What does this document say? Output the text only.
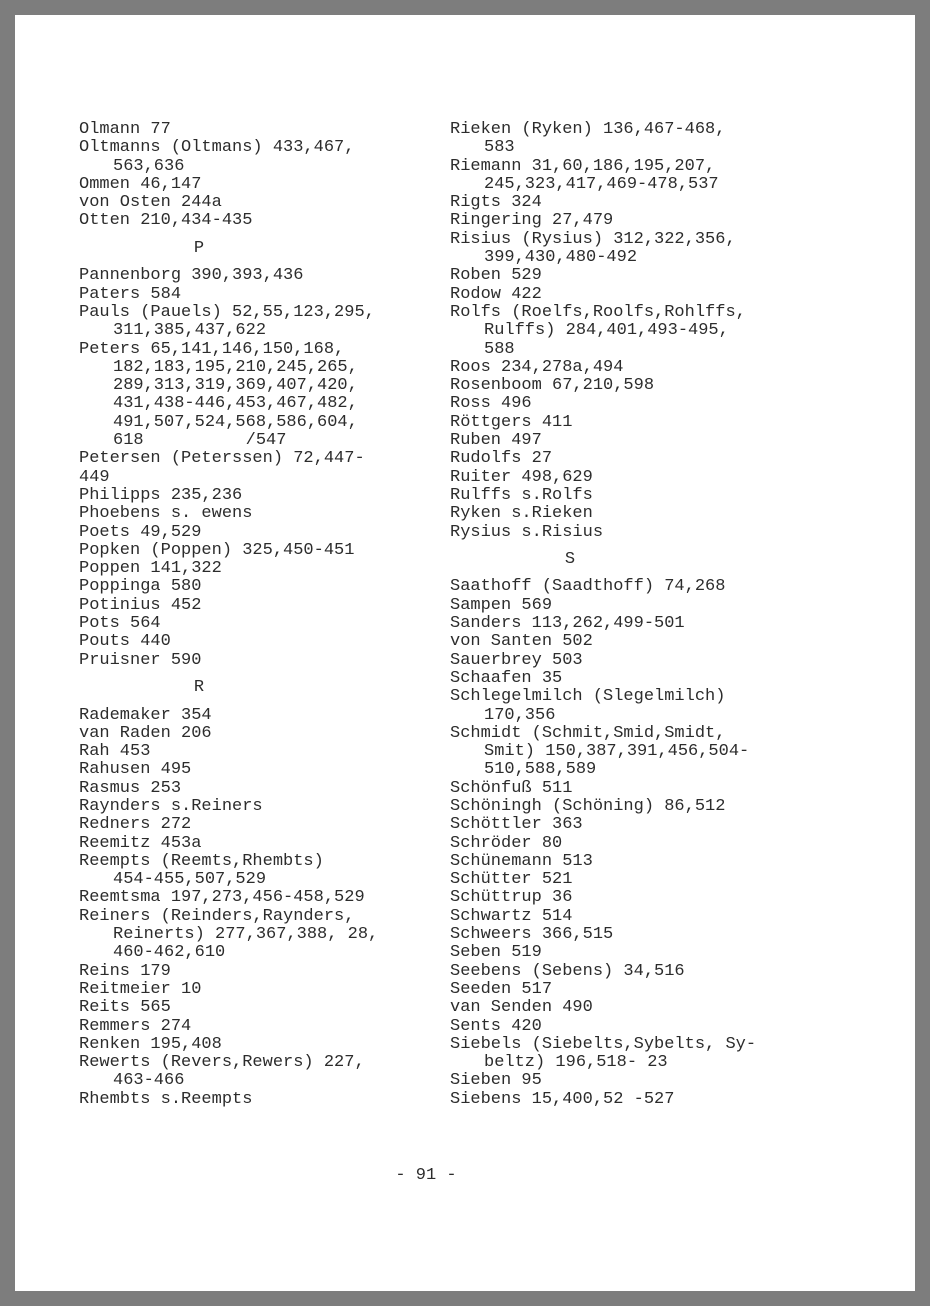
Olmann 77
Oltmanns (Oltmans) 433,467,
563,636
Ommen 46,147
von Osten 244a
Otten 210,434-435
P
Pannenborg 390,393,436
Paters 584
Pauls (Pauels) 52,55,123,295,
311,385,437,622
Peters 65,141,146,150,168,
182,183,195,210,245,265,
289,313,319,369,407,420,
431,438-446,453,467,482,
491,507,524,568,586,604,
618          /547
Petersen (Peterssen) 72,447-
449
Philipps 235,236
Phoebens s. ewens
Poets 49,529
Popken (Poppen) 325,450-451
Poppen 141,322
Poppinga 580
Potinius 452
Pots 564
Pouts 440
Pruisner 590
R
Rademaker 354
van Raden 206
Rah 453
Rahusen 495
Rasmus 253
Raynders s.Reiners
Redners 272
Reemitz 453a
Reempts (Reemts,Rhembts)
454-455,507,529
Reemtsma 197,273,456-458,529
Reiners (Reinders,Raynders,
Reinerts) 277,367,388, 28,
460-462,610
Reins 179
Reitmeier 10
Reits 565
Remmers 274
Renken 195,408
Rewerts (Revers,Rewers) 227,
463-466
Rhembts s.Reempts
Rieken (Ryken) 136,467-468,
583
Riemann 31,60,186,195,207,
245,323,417,469-478,537
Rigts 324
Ringering 27,479
Risius (Rysius) 312,322,356,
399,430,480-492
Roben 529
Rodow 422
Rolfs (Roelfs,Roolfs,Rohlffs,
Rulffs) 284,401,493-495,
588
Roos 234,278a,494
Rosenboom 67,210,598
Ross 496
Röttgers 411
Ruben 497
Rudolfs 27
Ruiter 498,629
Rulffs s.Rolfs
Ryken s.Rieken
Rysius s.Risius
S
Saathoff (Saadthoff) 74,268
Sampen 569
Sanders 113,262,499-501
von Santen 502
Sauerbrey 503
Schaafen 35
Schlegelmilch (Slegelmilch)
170,356
Schmidt (Schmit,Smid,Smidt,
Smit) 150,387,391,456,504-
510,588,589
Schönfuß 511
Schöningh (Schöning) 86,512
Schöttler 363
Schröder 80
Schünemann 513
Schütter 521
Schüttrup 36
Schwartz 514
Schweers 366,515
Seben 519
Seebens (Sebens) 34,516
Seeden 517
van Senden 490
Sents 420
Siebels (Siebelts,Sybelts, Sy-
beltz) 196,518- 23
Sieben 95
Siebens 15,400,52 -527
- 91 -
